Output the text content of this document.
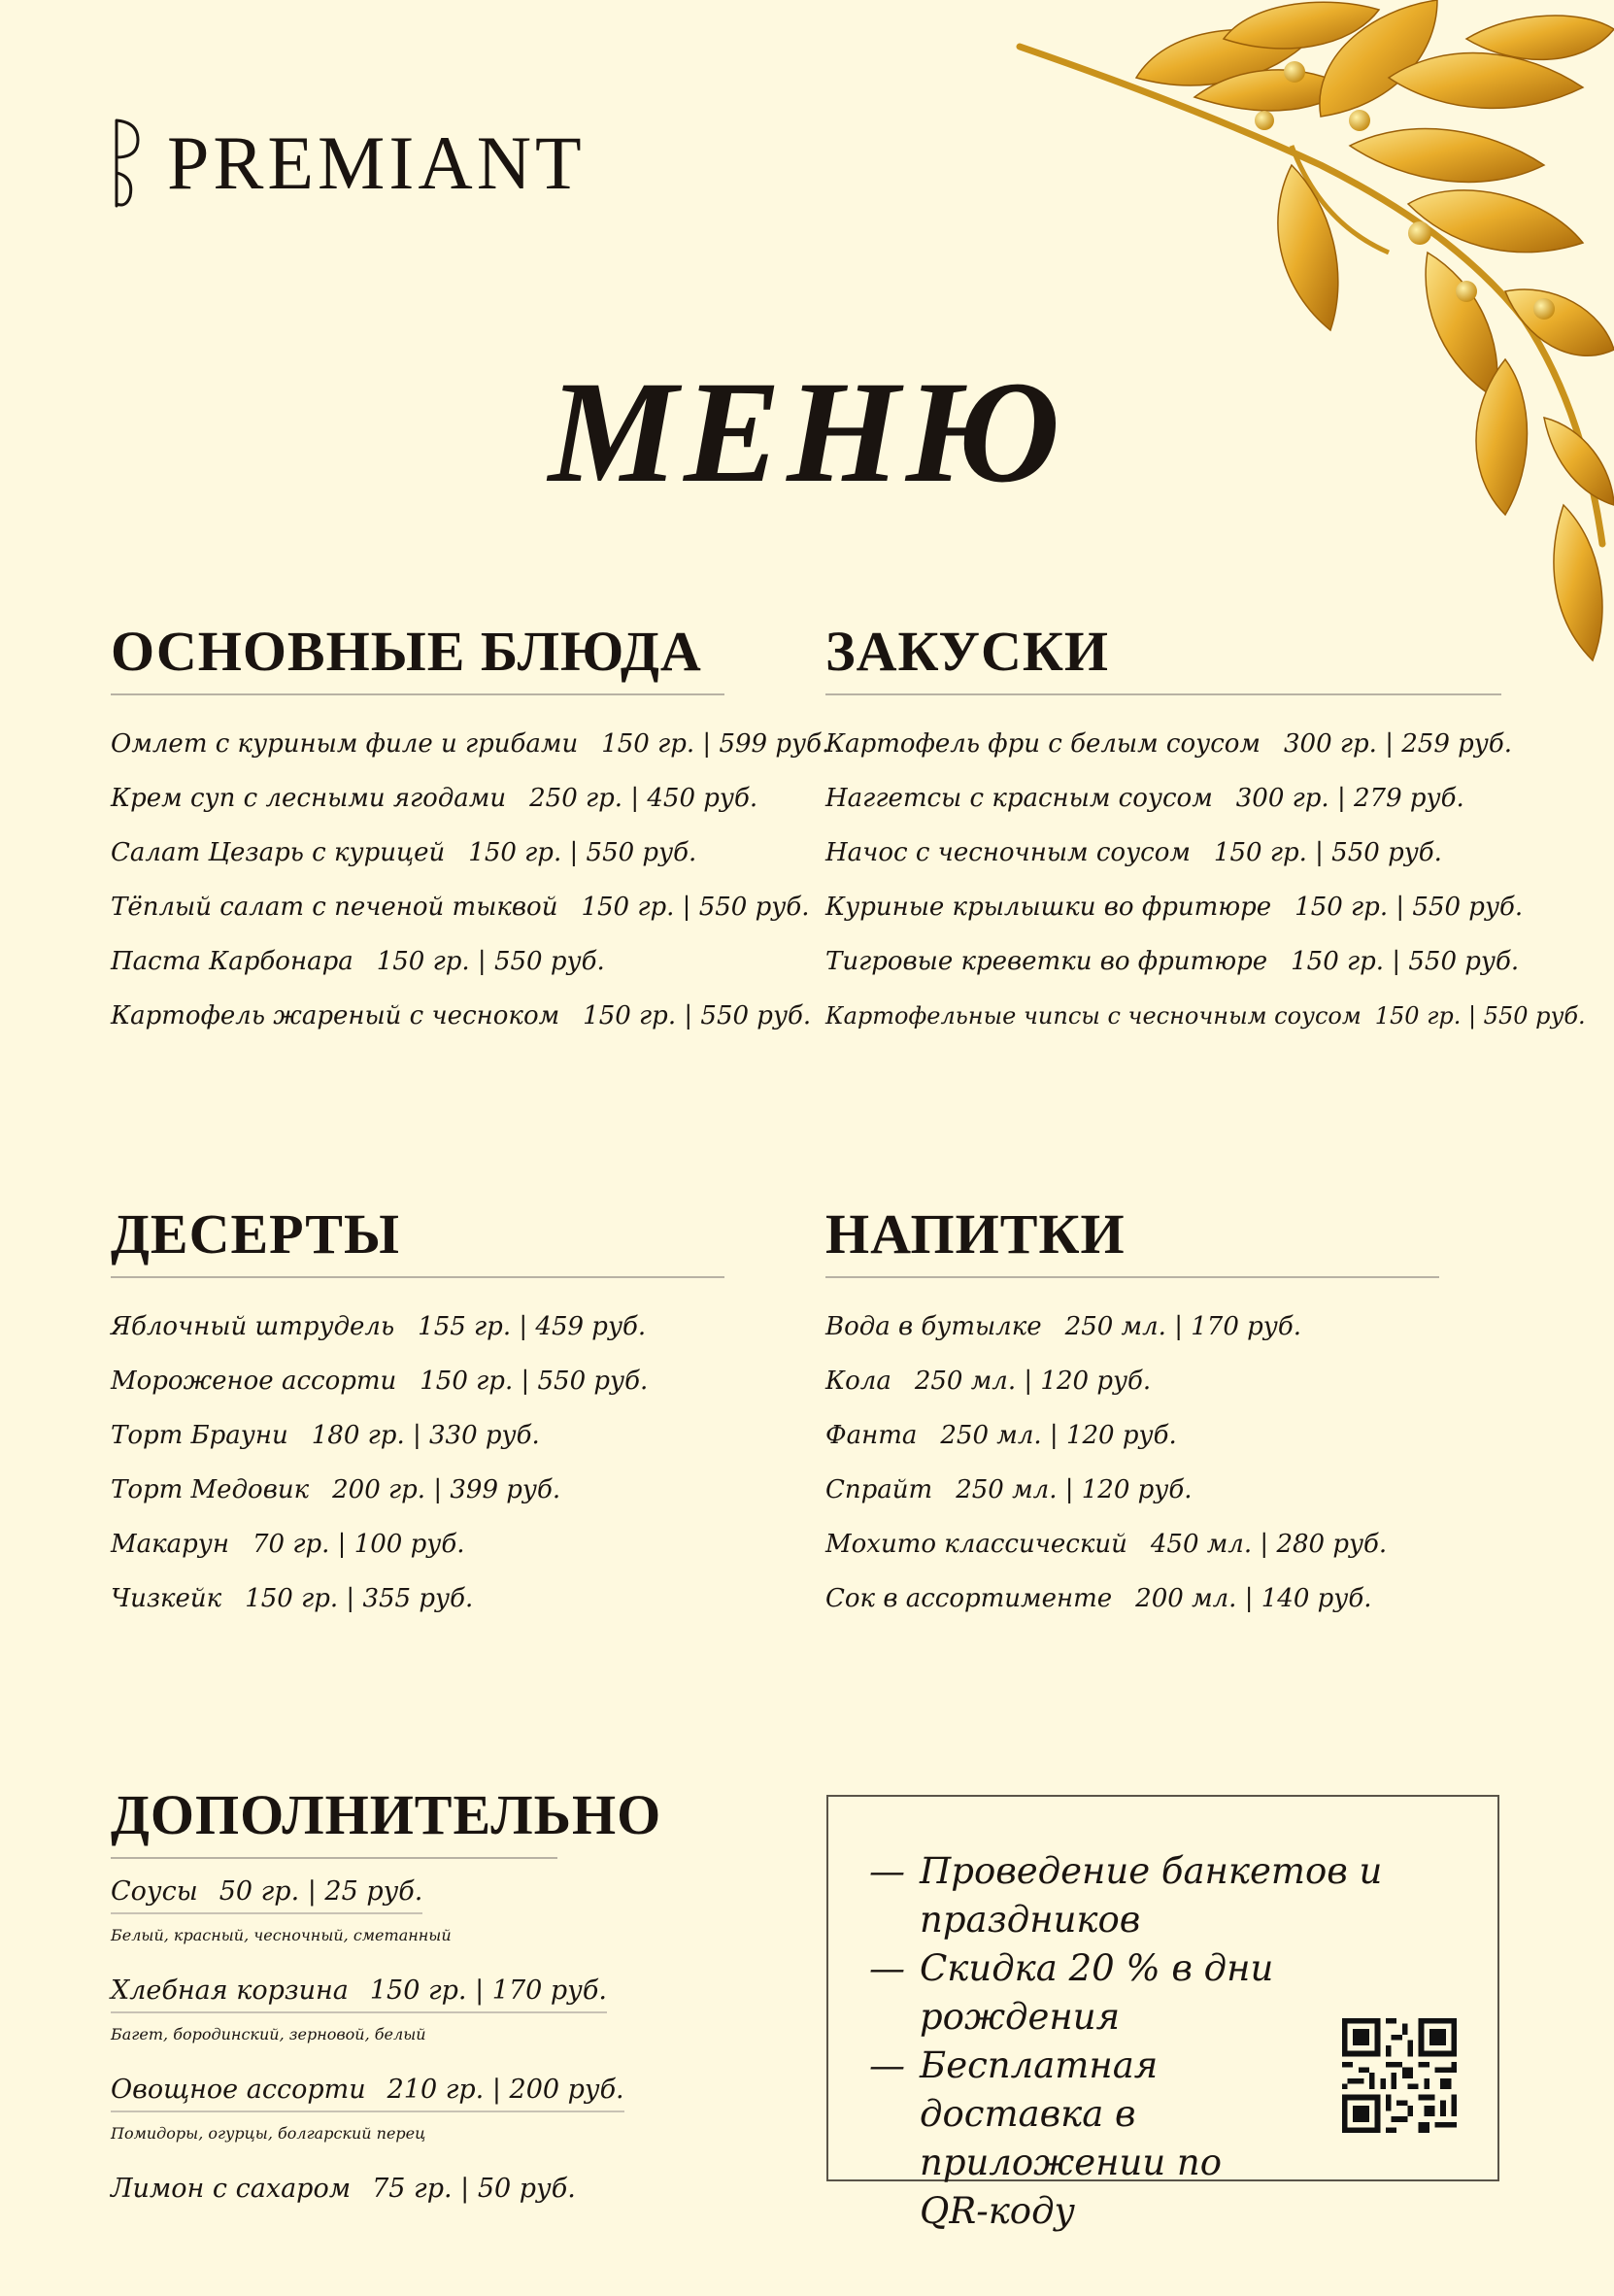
PREMIANT
МЕНЮ
ОСНОВНЫЕ БЛЮДА
Омлет с куриным филе и грибами 150 гр. | 599 руб.
Крем суп с лесными ягодами 250 гр. | 450 руб.
Салат Цезарь с курицей 150 гр. | 550 руб.
Тёплый салат с печеной тыквой 150 гр. | 550 руб.
Паста Карбонара 150 гр. | 550 руб.
Картофель жареный с чесноком 150 гр. | 550 руб.
ЗАКУСКИ
Картофель фри с белым соусом 300 гр. | 259 руб.
Наггетсы с красным соусом 300 гр. | 279 руб.
Начос с чесночным соусом 150 гр. | 550 руб.
Куриные крылышки во фритюре 150 гр. | 550 руб.
Тигровые креветки во фритюре 150 гр. | 550 руб.
Картофельные чипсы с чесночным соусом 150 гр. | 550 руб.
ДЕСЕРТЫ
Яблочный штрудель 155 гр. | 459 руб.
Мороженое ассорти 150 гр. | 550 руб.
Торт Брауни 180 гр. | 330 руб.
Торт Медовик 200 гр. | 399 руб.
Макарун 70 гр. | 100 руб.
Чизкейк 150 гр. | 355 руб.
НАПИТКИ
Вода в бутылке 250 мл. | 170 руб.
Кола 250 мл. | 120 руб.
Фанта 250 мл. | 120 руб.
Спрайт 250 мл. | 120 руб.
Мохито классический 450 мл. | 280 руб.
Сок в ассортименте 200 мл. | 140 руб.
ДОПОЛНИТЕЛЬНО
Соусы 50 гр. | 25 руб.
Белый, красный, чесночный, сметанный
Хлебная корзина 150 гр. | 170 руб.
Багет, бородинский, зерновой, белый
Овощное ассорти 210 гр. | 200 руб.
Помидоры, огурцы, болгарский перец
Лимон с сахаром 75 гр. | 50 руб.
— Проведение банкетов и праздников
— Скидка 20 % в дни рождения
— Бесплатная доставка в приложении по QR-коду
